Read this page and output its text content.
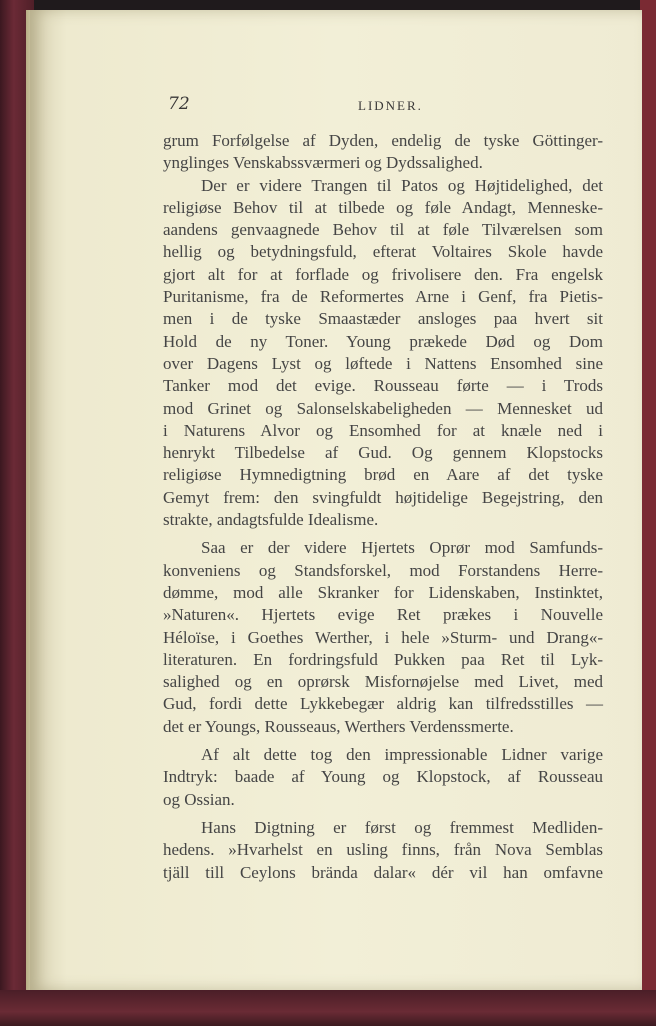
72	LIDNER.
grum Forfølgelse af Dyden, endelig de tyske Göttinger-
ynglinges Venskabssværmeri og Dydssalighed.
Der er videre Trangen til Patos og Højtidelighed, det
religiøse Behov til at tilbede og føle Andagt, Menneske-
aandens genvaagnede Behov til at føle Tilværelsen som
hellig og betydningsfuld, efterat Voltaires Skole havde
gjort alt for at forflade og frivolisere den. Fra engelsk
Puritanisme, fra de Reformertes Arne i Genf, fra Pietis-
men i de tyske Smaastæder ansloges paa hvert sit
Hold de ny Toner. Young prækede Død og Dom
over Dagens Lyst og løftede i Nattens Ensomhed sine
Tanker mod det evige. Rousseau førte — i Trods
mod Grinet og Salonselskabeligheden — Mennesket ud
i Naturens Alvor og Ensomhed for at knæle ned i
henrykt Tilbedelse af Gud. Og gennem Klopstocks
religiøse Hymnedigtning brød en Aare af det tyske
Gemyt frem: den svingfuldt højtidelige Begejstring, den
strakte, andagtsfulde Idealisme.
Saa er der videre Hjertets Oprør mod Samfunds-
konveniens og Standsforskel, mod Forstandens Herre-
dømme, mod alle Skranker for Lidenskaben, Instinktet,
»Naturen«. Hjertets evige Ret prækes i Nouvelle
Héloïse, i Goethes Werther, i hele »Sturm- und Drang«-
literaturen. En fordringsfuld Pukken paa Ret til Lyk-
salighed og en oprørsk Misfornøjelse med Livet, med
Gud, fordi dette Lykkebegær aldrig kan tilfredsstilles —
det er Youngs, Rousseaus, Werthers Verdenssmerte.
Af alt dette tog den impressionable Lidner varige
Indtryk: baade af Young og Klopstock, af Rousseau
og Ossian.
Hans Digtning er først og fremmest Medliden-
hedens. »Hvarhelst en usling finns, från Nova Semblas
tjäll till Ceylons brända dalar« dér vil han omfavne
